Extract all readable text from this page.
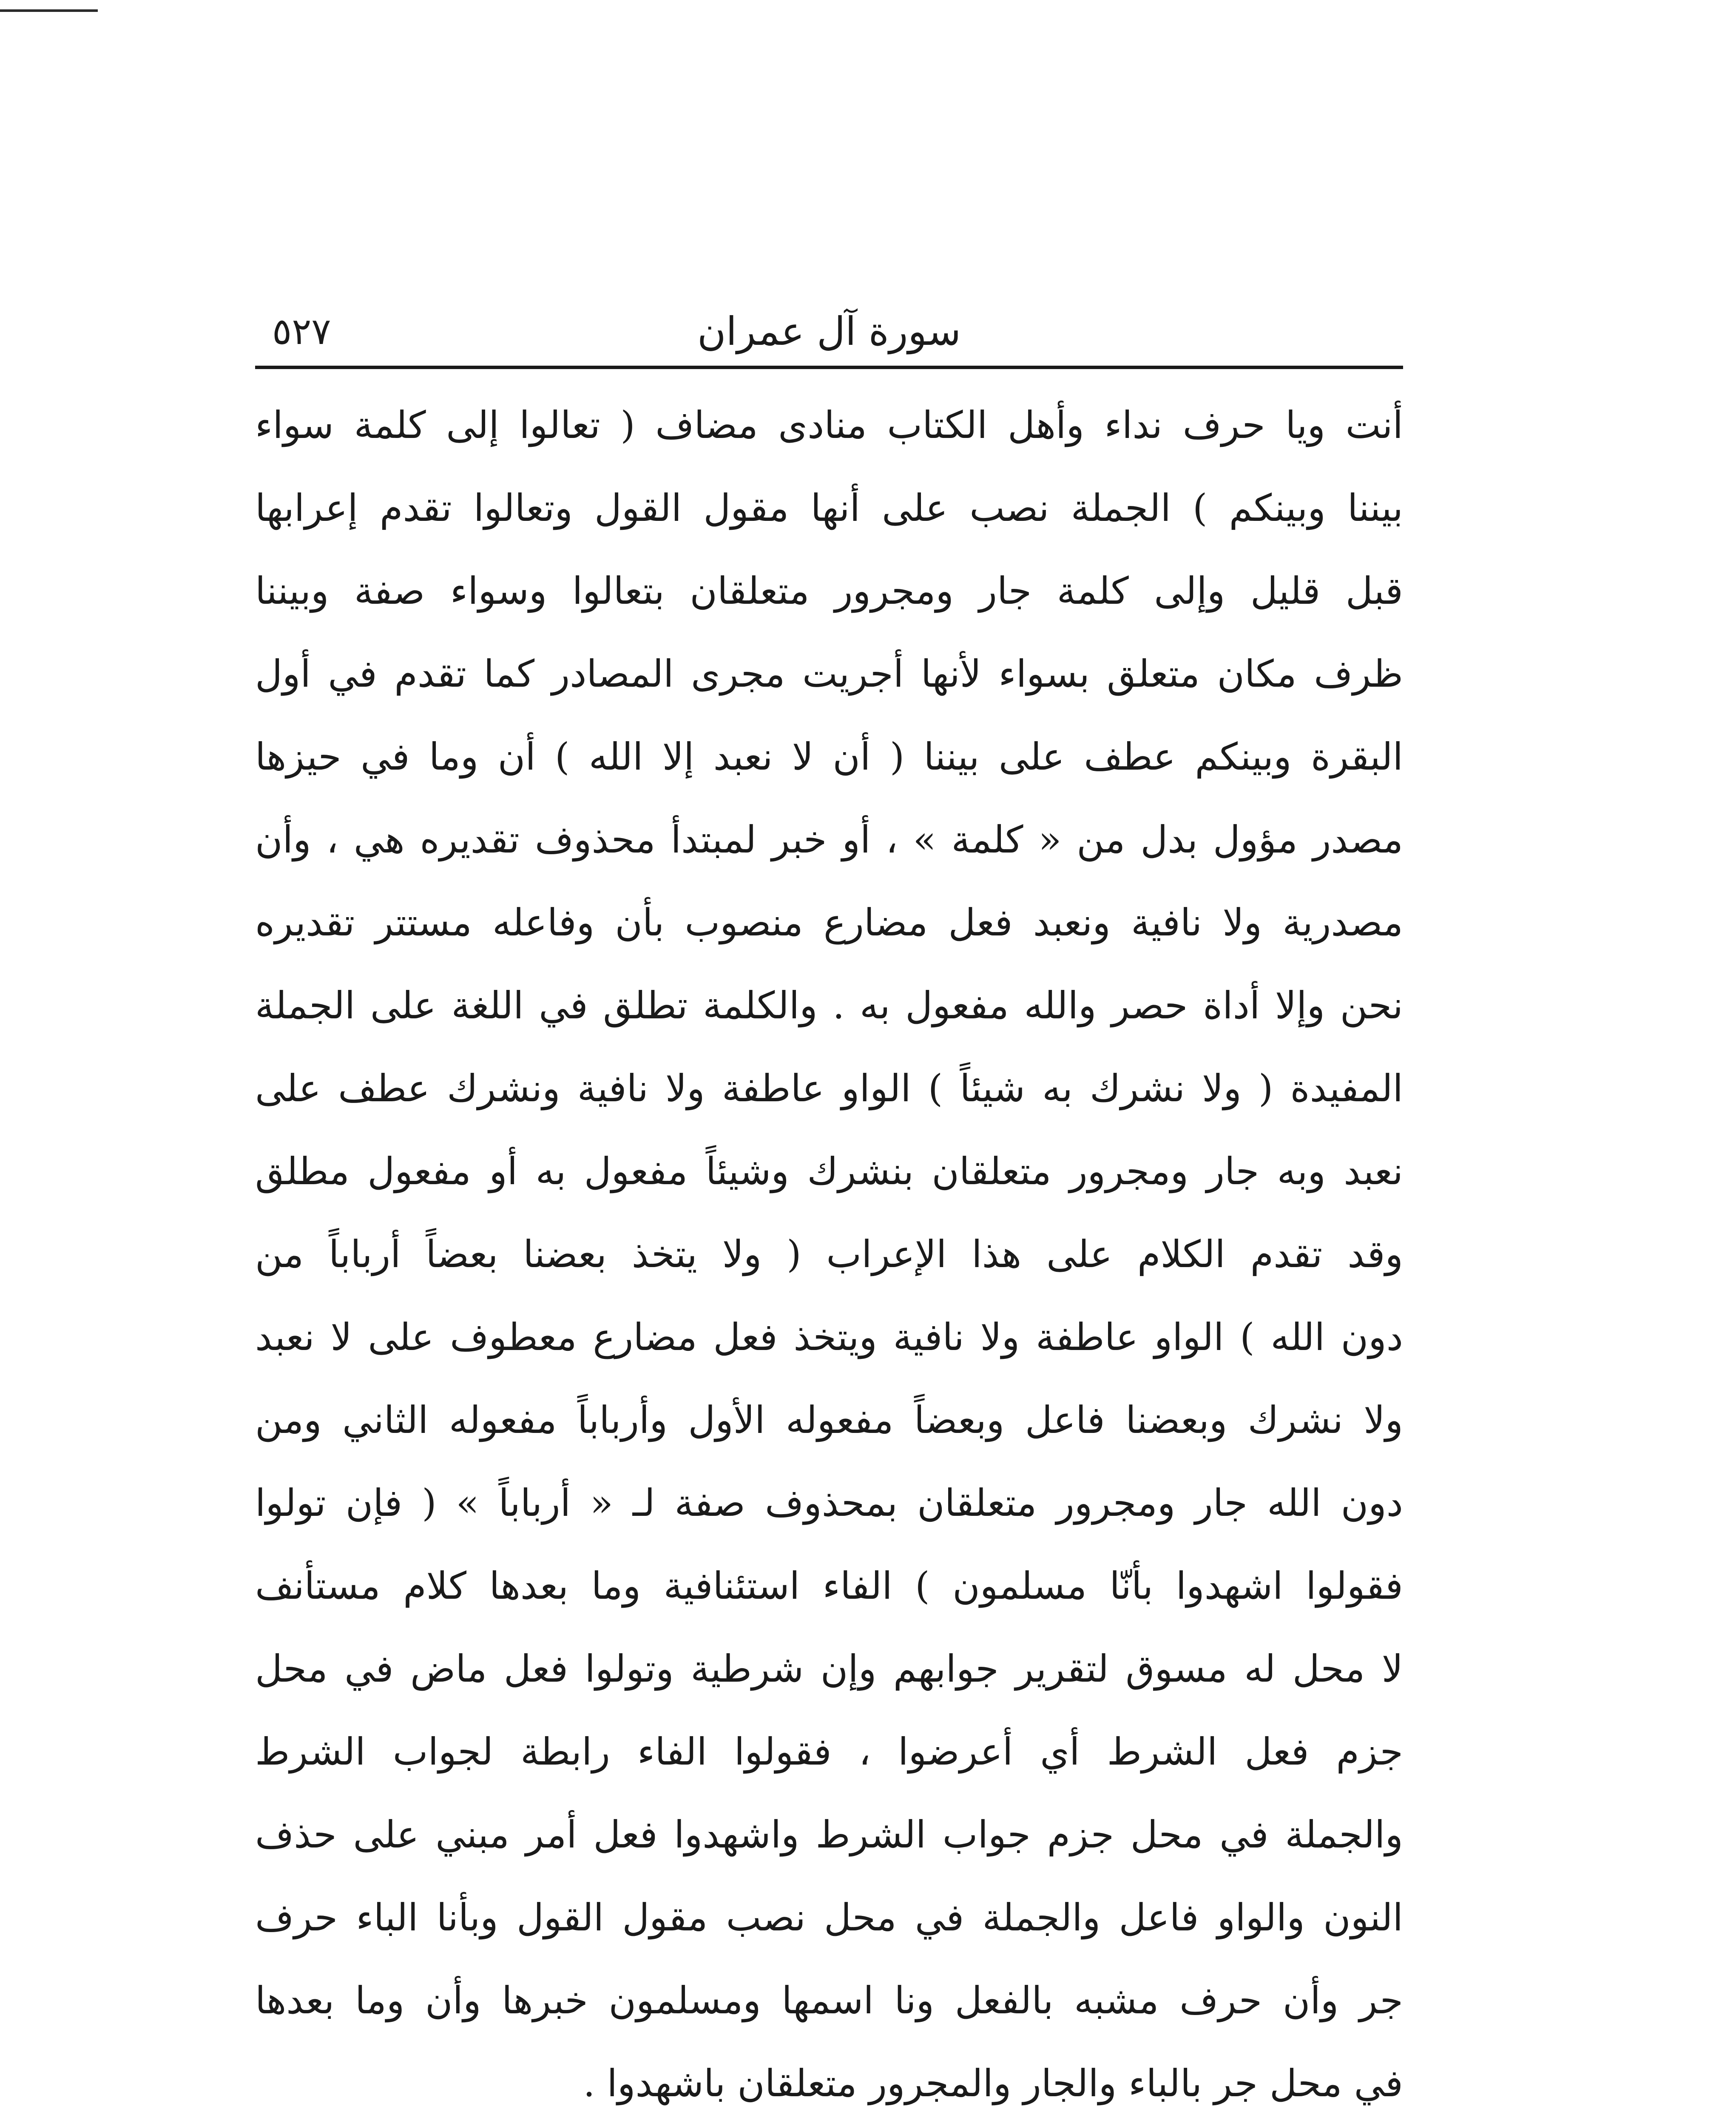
٥٢٧	سورة آل عمران
أنت ويا حرف نداء وأهل الكتاب منادى مضاف ( تعالوا إلى كلمة سواء
بيننا وبينكم ) الجملة نصب على أنها مقول القول وتعالوا تقدم إعرابها
قبل قليل وإلى كلمة جار ومجرور متعلقان بتعالوا وسواء صفة وبيننا
ظرف مكان متعلق بسواء لأنها أجريت مجرى المصادر كما تقدم في أول
البقرة وبينكم عطف على بيننا ( أن لا نعبد إلا الله ) أن وما في حيزها
مصدر مؤول بدل من « كلمة » ، أو خبر لمبتدأ محذوف تقديره هي ، وأن
مصدرية ولا نافية ونعبد فعل مضارع منصوب بأن وفاعله مستتر تقديره
نحن وإلا أداة حصر والله مفعول به . والكلمة تطلق في اللغة على الجملة
المفيدة ( ولا نشرك به شيئاً ) الواو عاطفة ولا نافية ونشرك عطف على
نعبد وبه جار ومجرور متعلقان بنشرك وشيئاً مفعول به أو مفعول مطلق
وقد تقدم الكلام على هذا الإعراب ( ولا يتخذ بعضنا بعضاً أرباباً من
دون الله ) الواو عاطفة ولا نافية ويتخذ فعل مضارع معطوف على لا نعبد
ولا نشرك وبعضنا فاعل وبعضاً مفعوله الأول وأرباباً مفعوله الثاني ومن
دون الله جار ومجرور متعلقان بمحذوف صفة لـ « أرباباً » ( فإن تولوا
فقولوا اشهدوا بأنّا مسلمون ) الفاء استئنافية وما بعدها كلام مستأنف
لا محل له مسوق لتقرير جوابهم وإن شرطية وتولوا فعل ماض في محل
جزم فعل الشرط أي أعرضوا ، فقولوا الفاء رابطة لجواب الشرط
والجملة في محل جزم جواب الشرط واشهدوا فعل أمر مبني على حذف
النون والواو فاعل والجملة في محل نصب مقول القول وبأنا الباء حرف
جر وأن حرف مشبه بالفعل ونا اسمها ومسلمون خبرها وأن وما بعدها
في محل جر بالباء والجار والمجرور متعلقان باشهدوا .
